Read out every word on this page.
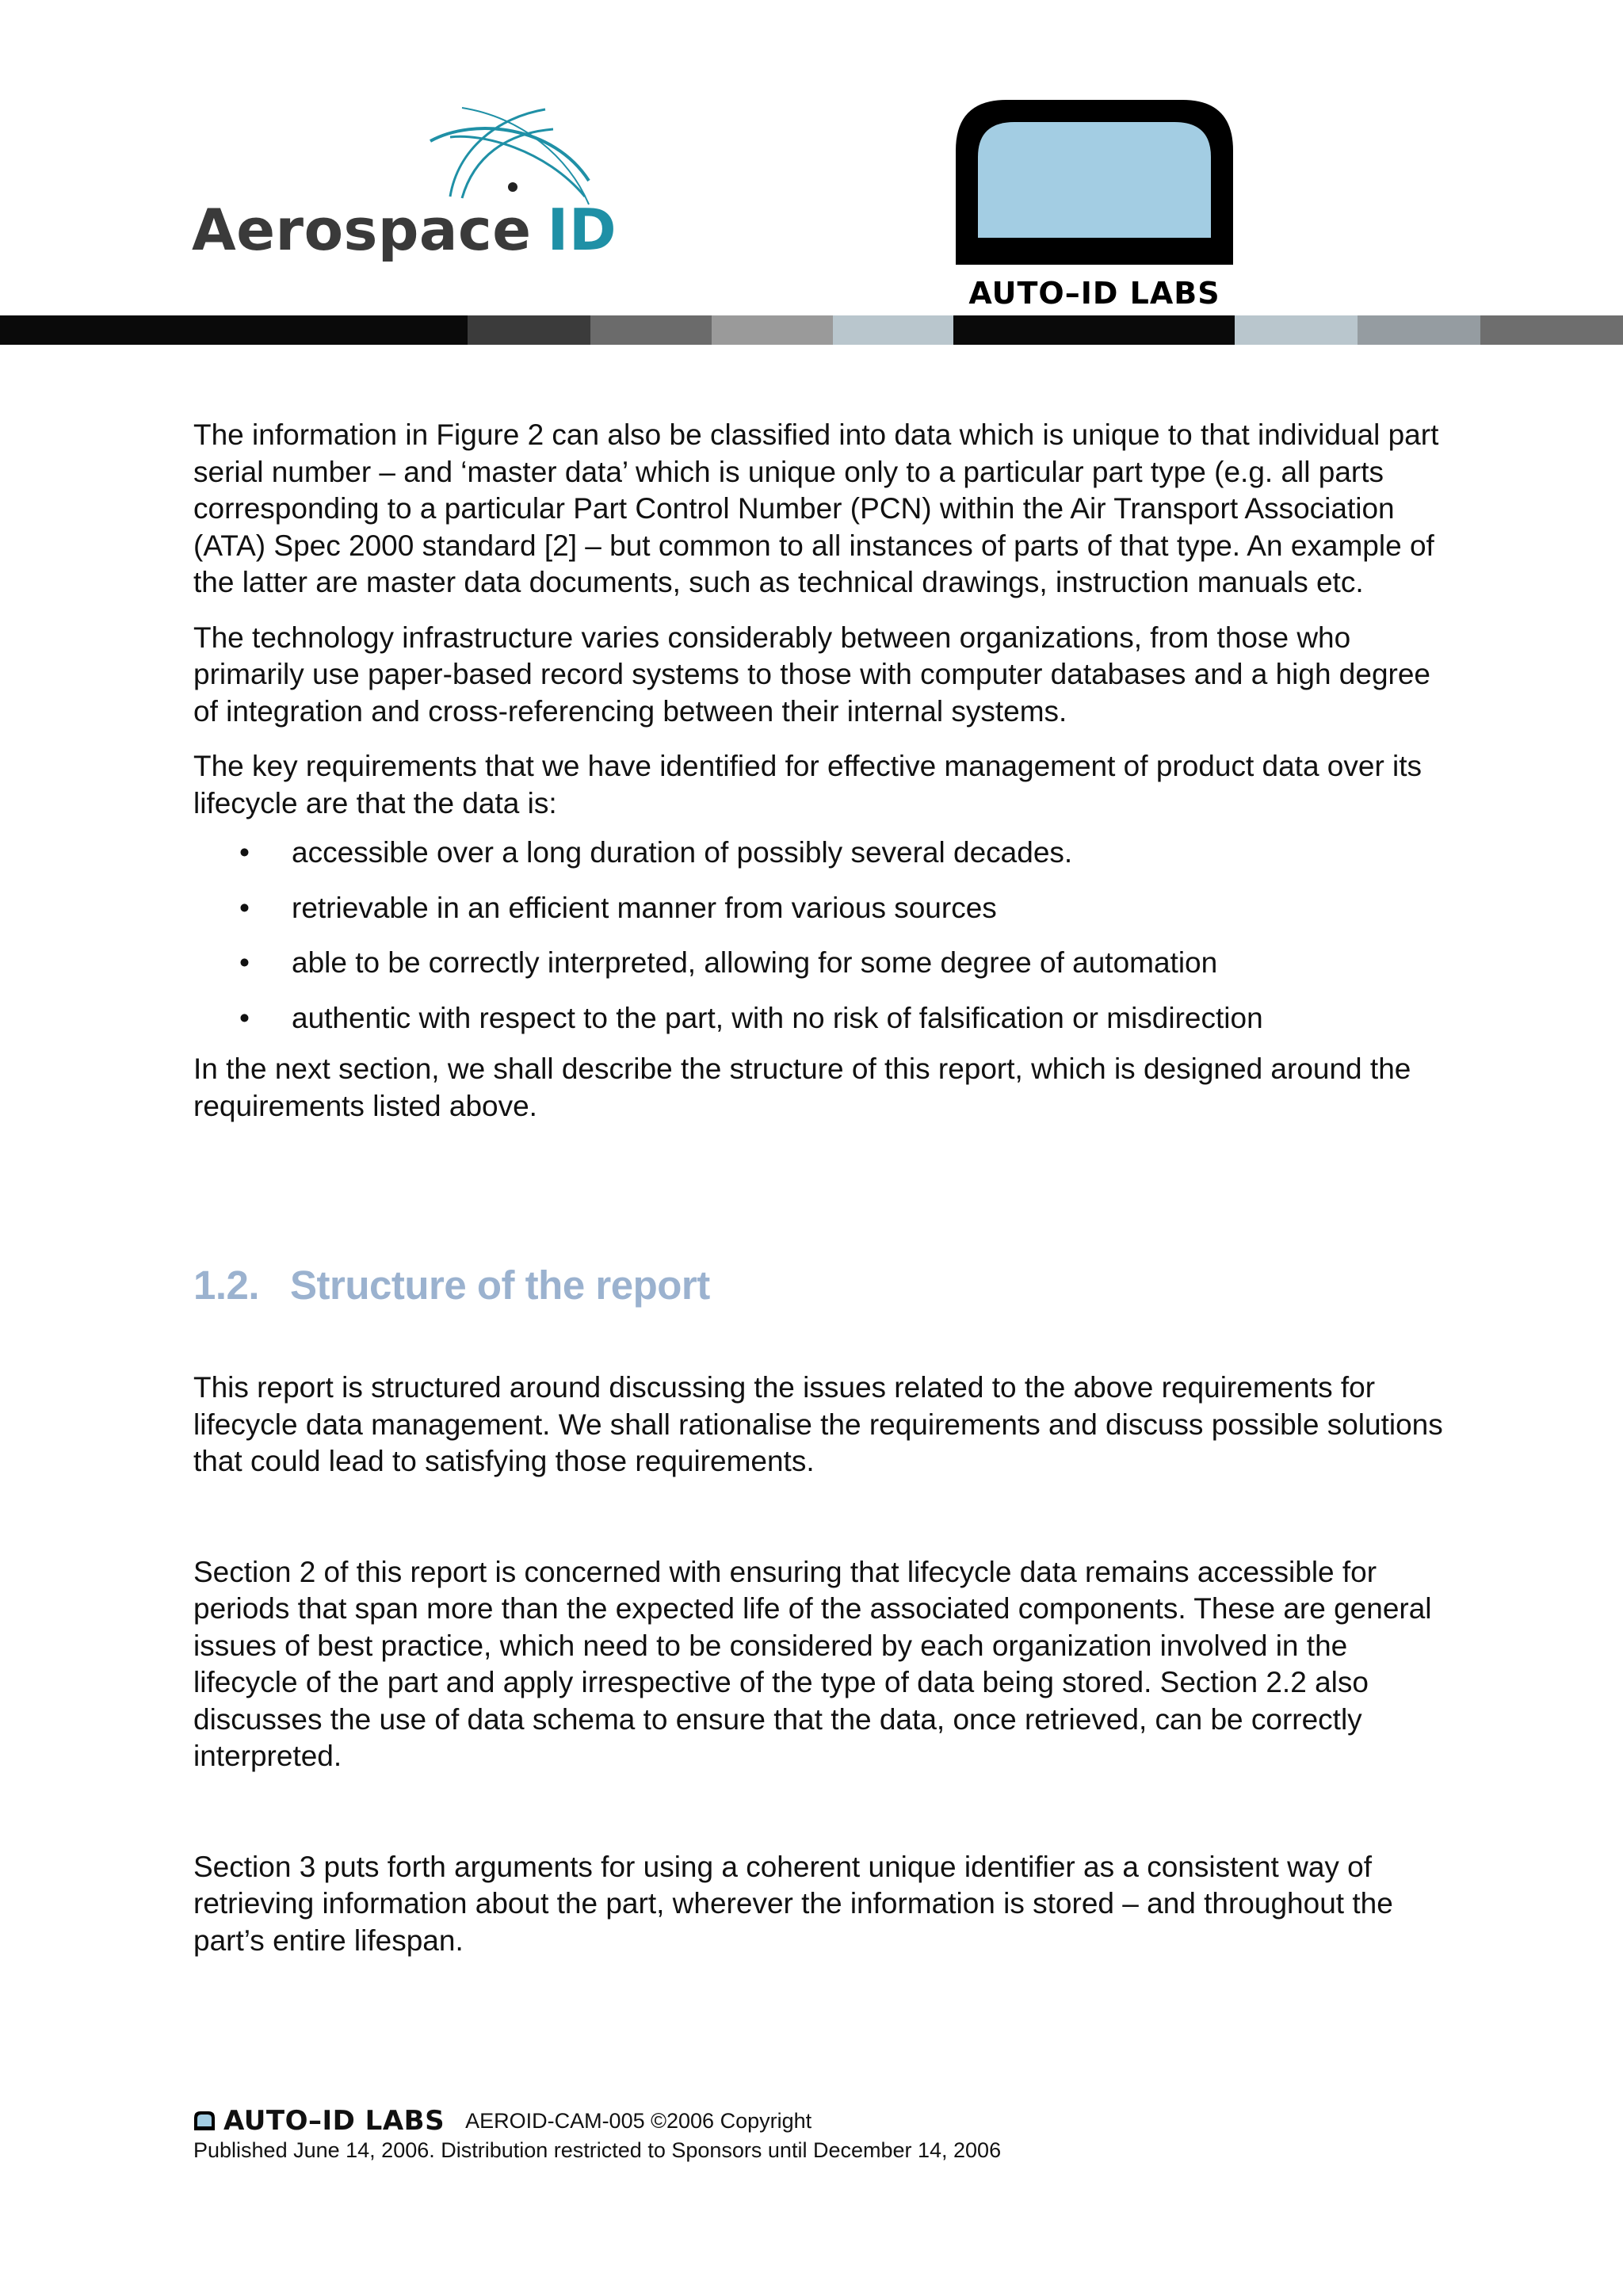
Aerospace ID
AUTO–ID LABS

The information in Figure 2 can also be classified into data which is unique to that individual part serial number – and ‘master data’ which is unique only to a particular part type (e.g. all parts corresponding to a particular Part Control Number (PCN) within the Air Transport Association (ATA) Spec 2000 standard [2] – but common to all instances of parts of that type. An example of the latter are master data documents, such as technical drawings, instruction manuals etc.

The technology infrastructure varies considerably between organizations, from those who primarily use paper-based record systems to those with computer databases and a high degree of integration and cross-referencing between their internal systems.

The key requirements that we have identified for effective management of product data over its lifecycle are that the data is:

• accessible over a long duration of possibly several decades.
• retrievable in an efficient manner from various sources
• able to be correctly interpreted, allowing for some degree of automation
• authentic with respect to the part, with no risk of falsification or misdirection

In the next section, we shall describe the structure of this report, which is designed around the requirements listed above.

1.2. Structure of the report

This report is structured around discussing the issues related to the above requirements for lifecycle data management. We shall rationalise the requirements and discuss possible solutions that could lead to satisfying those requirements.

Section 2 of this report is concerned with ensuring that lifecycle data remains accessible for periods that span more than the expected life of the associated components. These are general issues of best practice, which need to be considered by each organization involved in the lifecycle of the part and apply irrespective of the type of data being stored. Section 2.2 also discusses the use of data schema to ensure that the data, once retrieved, can be correctly interpreted.

Section 3 puts forth arguments for using a coherent unique identifier as a consistent way of retrieving information about the part, wherever the information is stored – and throughout the part’s entire lifespan.

AUTO–ID LABS AEROID-CAM-005 ©2006 Copyright
Published June 14, 2006. Distribution restricted to Sponsors until December 14, 2006
